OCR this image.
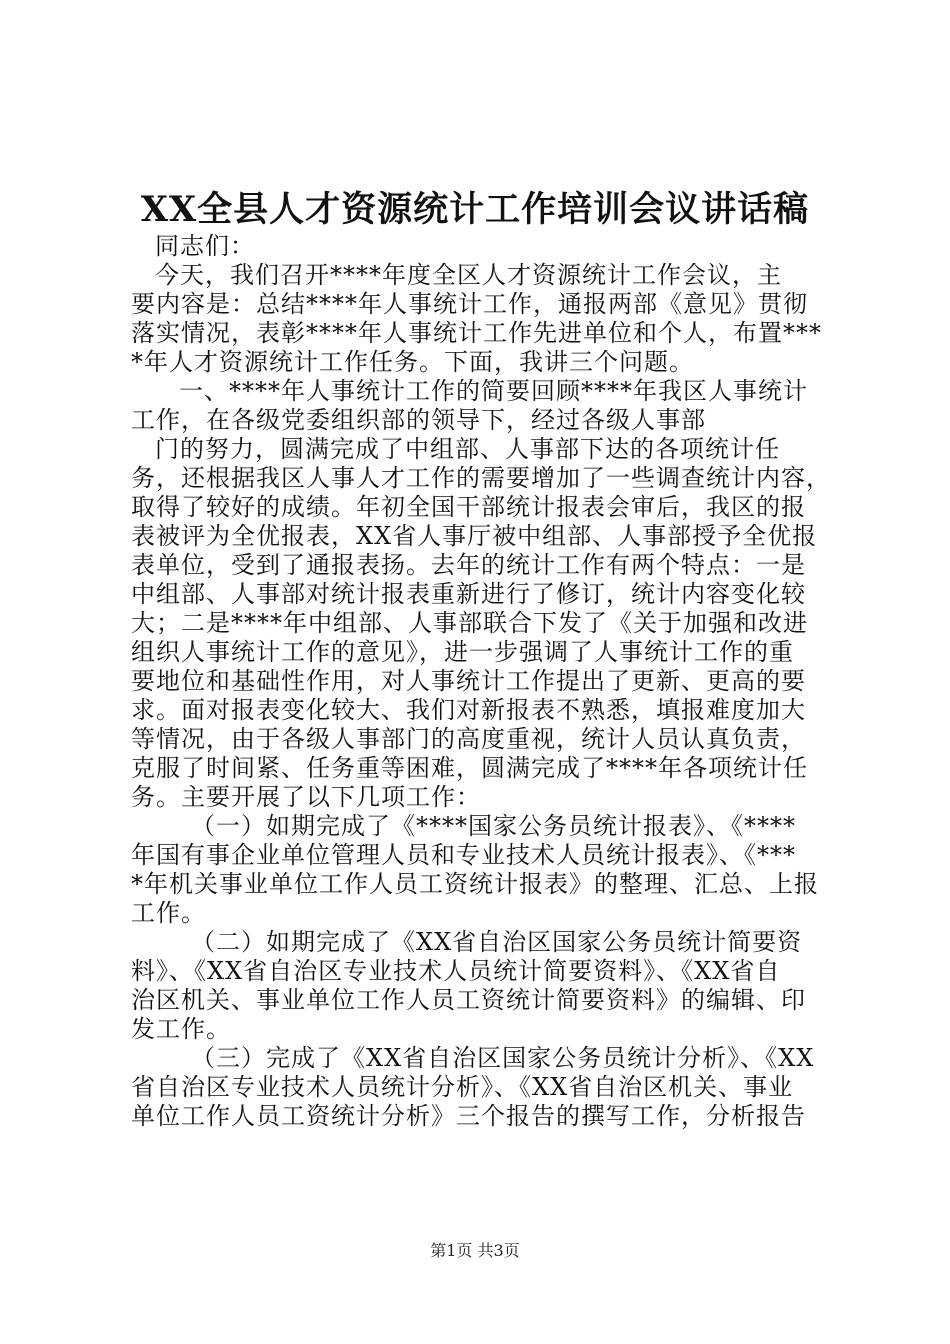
XX全县人才资源统计工作培训会议讲话稿
同志们：
今天，我们召开****年度全区人才资源统计工作会议，主
要内容是：总结****年人事统计工作，通报两部《意见》贯彻
落实情况，表彰****年人事统计工作先进单位和个人，布置***
*年人才资源统计工作任务。下面，我讲三个问题。
一、****年人事统计工作的简要回顾****年我区人事统计
工作，在各级党委组织部的领导下，经过各级人事部
门的努力，圆满完成了中组部、人事部下达的各项统计任
务，还根据我区人事人才工作的需要增加了一些调查统计内容，
取得了较好的成绩。年初全国干部统计报表会审后，我区的报
表被评为全优报表，XX省人事厅被中组部、人事部授予全优报
表单位，受到了通报表扬。去年的统计工作有两个特点：一是
中组部、人事部对统计报表重新进行了修订，统计内容变化较
大；二是****年中组部、人事部联合下发了《关于加强和改进
组织人事统计工作的意见》，进一步强调了人事统计工作的重
要地位和基础性作用，对人事统计工作提出了更新、更高的要
求。面对报表变化较大、我们对新报表不熟悉，填报难度加大
等情况，由于各级人事部门的高度重视，统计人员认真负责，
克服了时间紧、任务重等困难，圆满完成了****年各项统计任
务。主要开展了以下几项工作：
（一）如期完成了《****国家公务员统计报表》、《****
年国有事企业单位管理人员和专业技术人员统计报表》、《***
*年机关事业单位工作人员工资统计报表》的整理、汇总、上报
工作。
（二）如期完成了《XX省自治区国家公务员统计简要资
料》、《XX省自治区专业技术人员统计简要资料》、《XX省自
治区机关、事业单位工作人员工资统计简要资料》的编辑、印
发工作。
（三）完成了《XX省自治区国家公务员统计分析》、《XX
省自治区专业技术人员统计分析》、《XX省自治区机关、事业
单位工作人员工资统计分析》三个报告的撰写工作，分析报告
第1页 共3页
